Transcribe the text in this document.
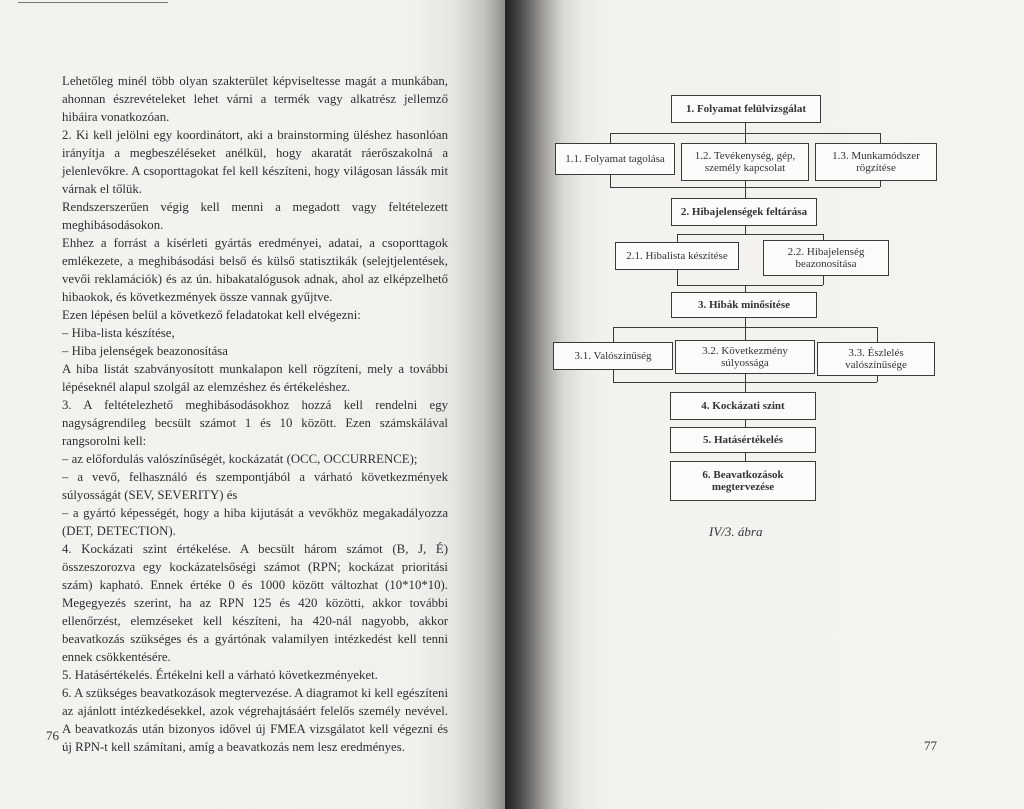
Lehetőleg minél több olyan szakterület képviseltesse magát a munkában, ahonnan észrevételeket lehet várni a termék vagy alkatrész jellemző hibáira vonatkozóan.

2. Ki kell jelölni egy koordinátort, aki a brainstorming üléshez hasonlóan irányítja a megbeszéléseket anélkül, hogy akaratát ráerőszakolná a jelenlevőkre. A csoporttagokat fel kell készíteni, hogy világosan lássák mit várnak el tőlük.

Rendszerszerűen végig kell menni a megadott vagy feltételezett meghibásodásokon.

Ehhez a forrást a kísérleti gyártás eredményei, adatai, a csoporttagok emlékezete, a meghibásodási belső és külső statisztikák (selejtjelentések, vevői reklamációk) és az ún. hibakatalógusok adnak, ahol az elképzelhető hibaokok, és következmények össze vannak gyűjtve.

Ezen lépésen belül a következő feladatokat kell elvégezni:

– Hiba-lista készítése,

– Hiba jelenségek beazonosítása

A hiba listát szabványosított munkalapon kell rögzíteni, mely a további lépéseknél alapul szolgál az elemzéshez és értékeléshez.

3. A feltételezhető meghibásodásokhoz hozzá kell rendelni egy nagyságrendileg becsült számot 1 és 10 között. Ezen számskálával rangsorolni kell:

– az előfordulás valószínűségét, kockázatát (OCC, OCCURRENCE);

– a vevő, felhasználó és szempontjából a várható következmények súlyosságát (SEV, SEVERITY) és

– a gyártó képességét, hogy a hiba kijutását a vevőkhöz megakadályozza (DET, DETECTION).

4. Kockázati szint értékelése. A becsült három számot (B, J, É) összeszorozva egy kockázatelsőségi számot (RPN; kockázat prioritási szám) kapható. Ennek értéke 0 és 1000 között változhat (10*10*10). Megegyezés szerint, ha az RPN 125 és 420 közötti, akkor további ellenőrzést, elemzéseket kell készíteni, ha 420-nál nagyobb, akkor beavatkozás szükséges és a gyártónak valamilyen intézkedést kell tenni ennek csökkentésére.

5. Hatásértékelés. Értékelni kell a várható következményeket.

6. A szükséges beavatkozások megtervezése. A diagramot ki kell egészíteni az ajánlott intézkedésekkel, azok végrehajtásáért felelős személy nevével. A beavatkozás után bizonyos idővel új FMEA vizsgálatot kell végezni és új RPN-t kell számítani, amíg a beavatkozás nem lesz eredményes.

76
1. Folyamat felülvizsgálat
1.1. Folyamat tagolása	1.2. Tevékenység, gép, személy kapcsolat
1.3. Munkamódszer rögzítése
2. Hibajelenségek feltárása
2.1. Hibalista készítése	2.2. Hibajelenség beazonosítása
3. Hibák minősítése
3.1. Valószínűség	3.2. Következmény súlyossága
3.3. Észlelés valószínűsége
4. Kockázati szint
5. Hatásértékelés
6. Beavatkozások megtervezése
IV/3. ábra
77
